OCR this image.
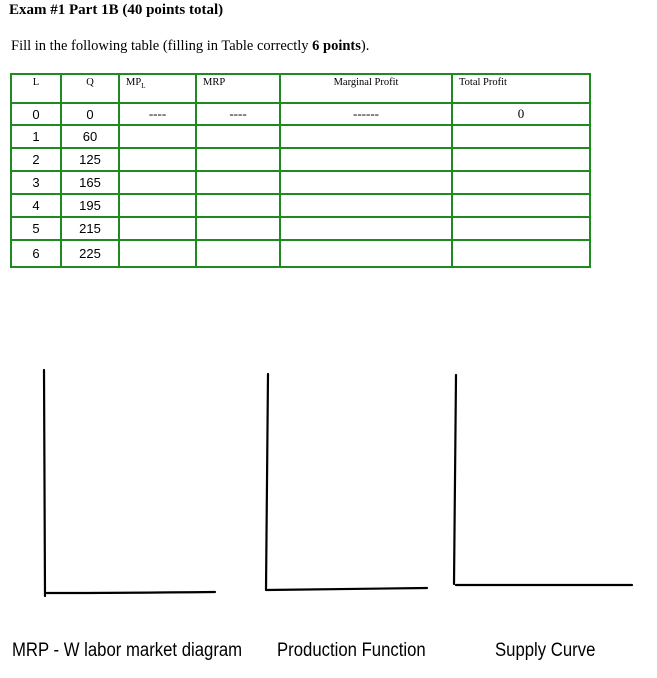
Exam #1 Part 1B (40 points total)
Fill in the following table (filling in Table correctly 6 points).
L	Q	$MP_L$	MRP	Marginal Profit	Total Profit
0	0	----	----	------	0
1	60				
2	125				
3	165				
4	195				
5	215				
6	225				
MRP - W labor market diagram Production Function	Supply Curve
